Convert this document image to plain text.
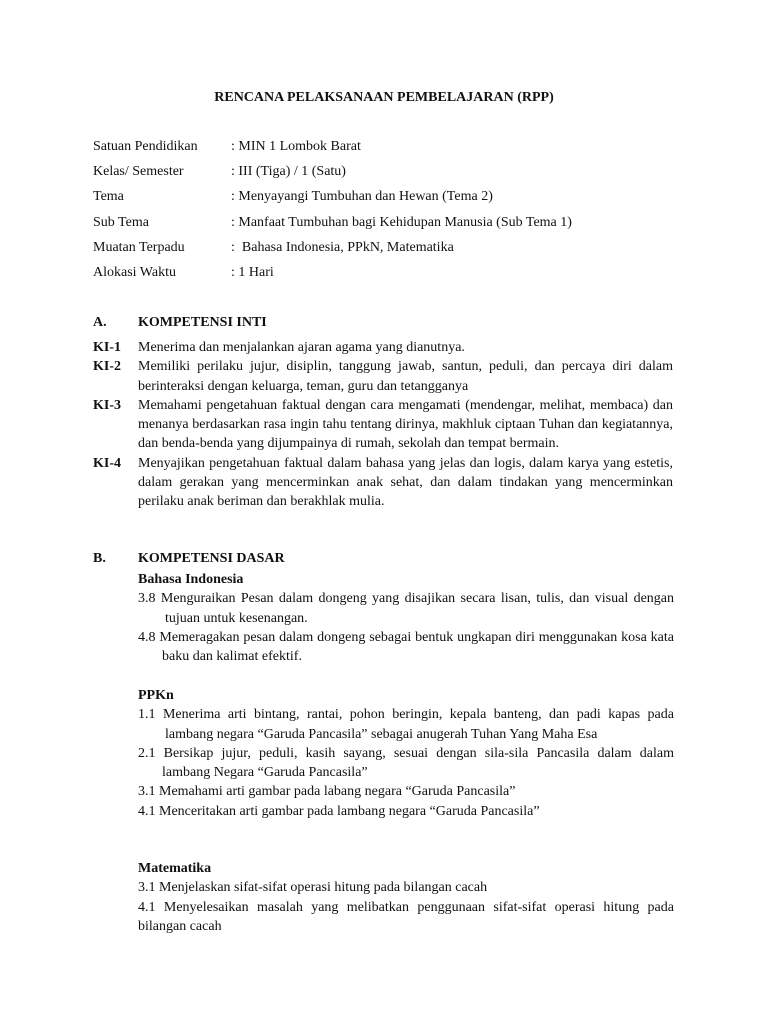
RENCANA PELAKSANAAN PEMBELAJARAN (RPP)
Satuan Pendidikan	: MIN 1 Lombok Barat
Kelas/ Semester	: III (Tiga) / 1 (Satu)
Tema	: Menyayangi Tumbuhan dan Hewan (Tema 2)
Sub Tema	: Manfaat Tumbuhan bagi Kehidupan Manusia (Sub Tema 1)
Muatan Terpadu	:  Bahasa Indonesia, PPkN, Matematika
Alokasi Waktu	: 1 Hari
A.	KOMPETENSI INTI
KI-1	Menerima dan menjalankan ajaran agama yang dianutnya.
KI-2	Memiliki perilaku jujur, disiplin, tanggung jawab, santun, peduli, dan percaya diri dalam berinteraksi dengan keluarga, teman, guru dan tetangganya
KI-3	Memahami pengetahuan faktual dengan cara mengamati (mendengar, melihat, membaca) dan menanya berdasarkan rasa ingin tahu tentang dirinya, makhluk ciptaan Tuhan dan kegiatannya, dan benda-benda yang dijumpainya di rumah, sekolah dan tempat bermain.
KI-4	Menyajikan pengetahuan faktual dalam bahasa yang jelas dan logis, dalam karya yang estetis, dalam gerakan yang mencerminkan anak sehat, dan dalam tindakan yang mencerminkan perilaku anak beriman dan berakhlak mulia.
B.	KOMPETENSI DASAR
Bahasa Indonesia
3.8 Menguraikan Pesan dalam dongeng yang disajikan secara lisan, tulis, dan visual dengan tujuan untuk kesenangan.
4.8 Memeragakan pesan dalam dongeng sebagai bentuk ungkapan diri menggunakan kosa kata baku dan kalimat efektif.
PPKn
1.1 Menerima arti bintang, rantai, pohon beringin, kepala banteng, dan padi kapas pada lambang negara “Garuda Pancasila” sebagai anugerah Tuhan Yang Maha Esa
2.1 Bersikap jujur, peduli, kasih sayang, sesuai dengan sila-sila Pancasila dalam dalam lambang Negara “Garuda Pancasila”
3.1 Memahami arti gambar pada labang negara “Garuda Pancasila”
4.1 Menceritakan arti gambar pada lambang negara “Garuda Pancasila”
Matematika
3.1 Menjelaskan sifat-sifat operasi hitung pada bilangan cacah
4.1 Menyelesaikan masalah yang melibatkan penggunaan sifat-sifat operasi hitung pada bilangan cacah
